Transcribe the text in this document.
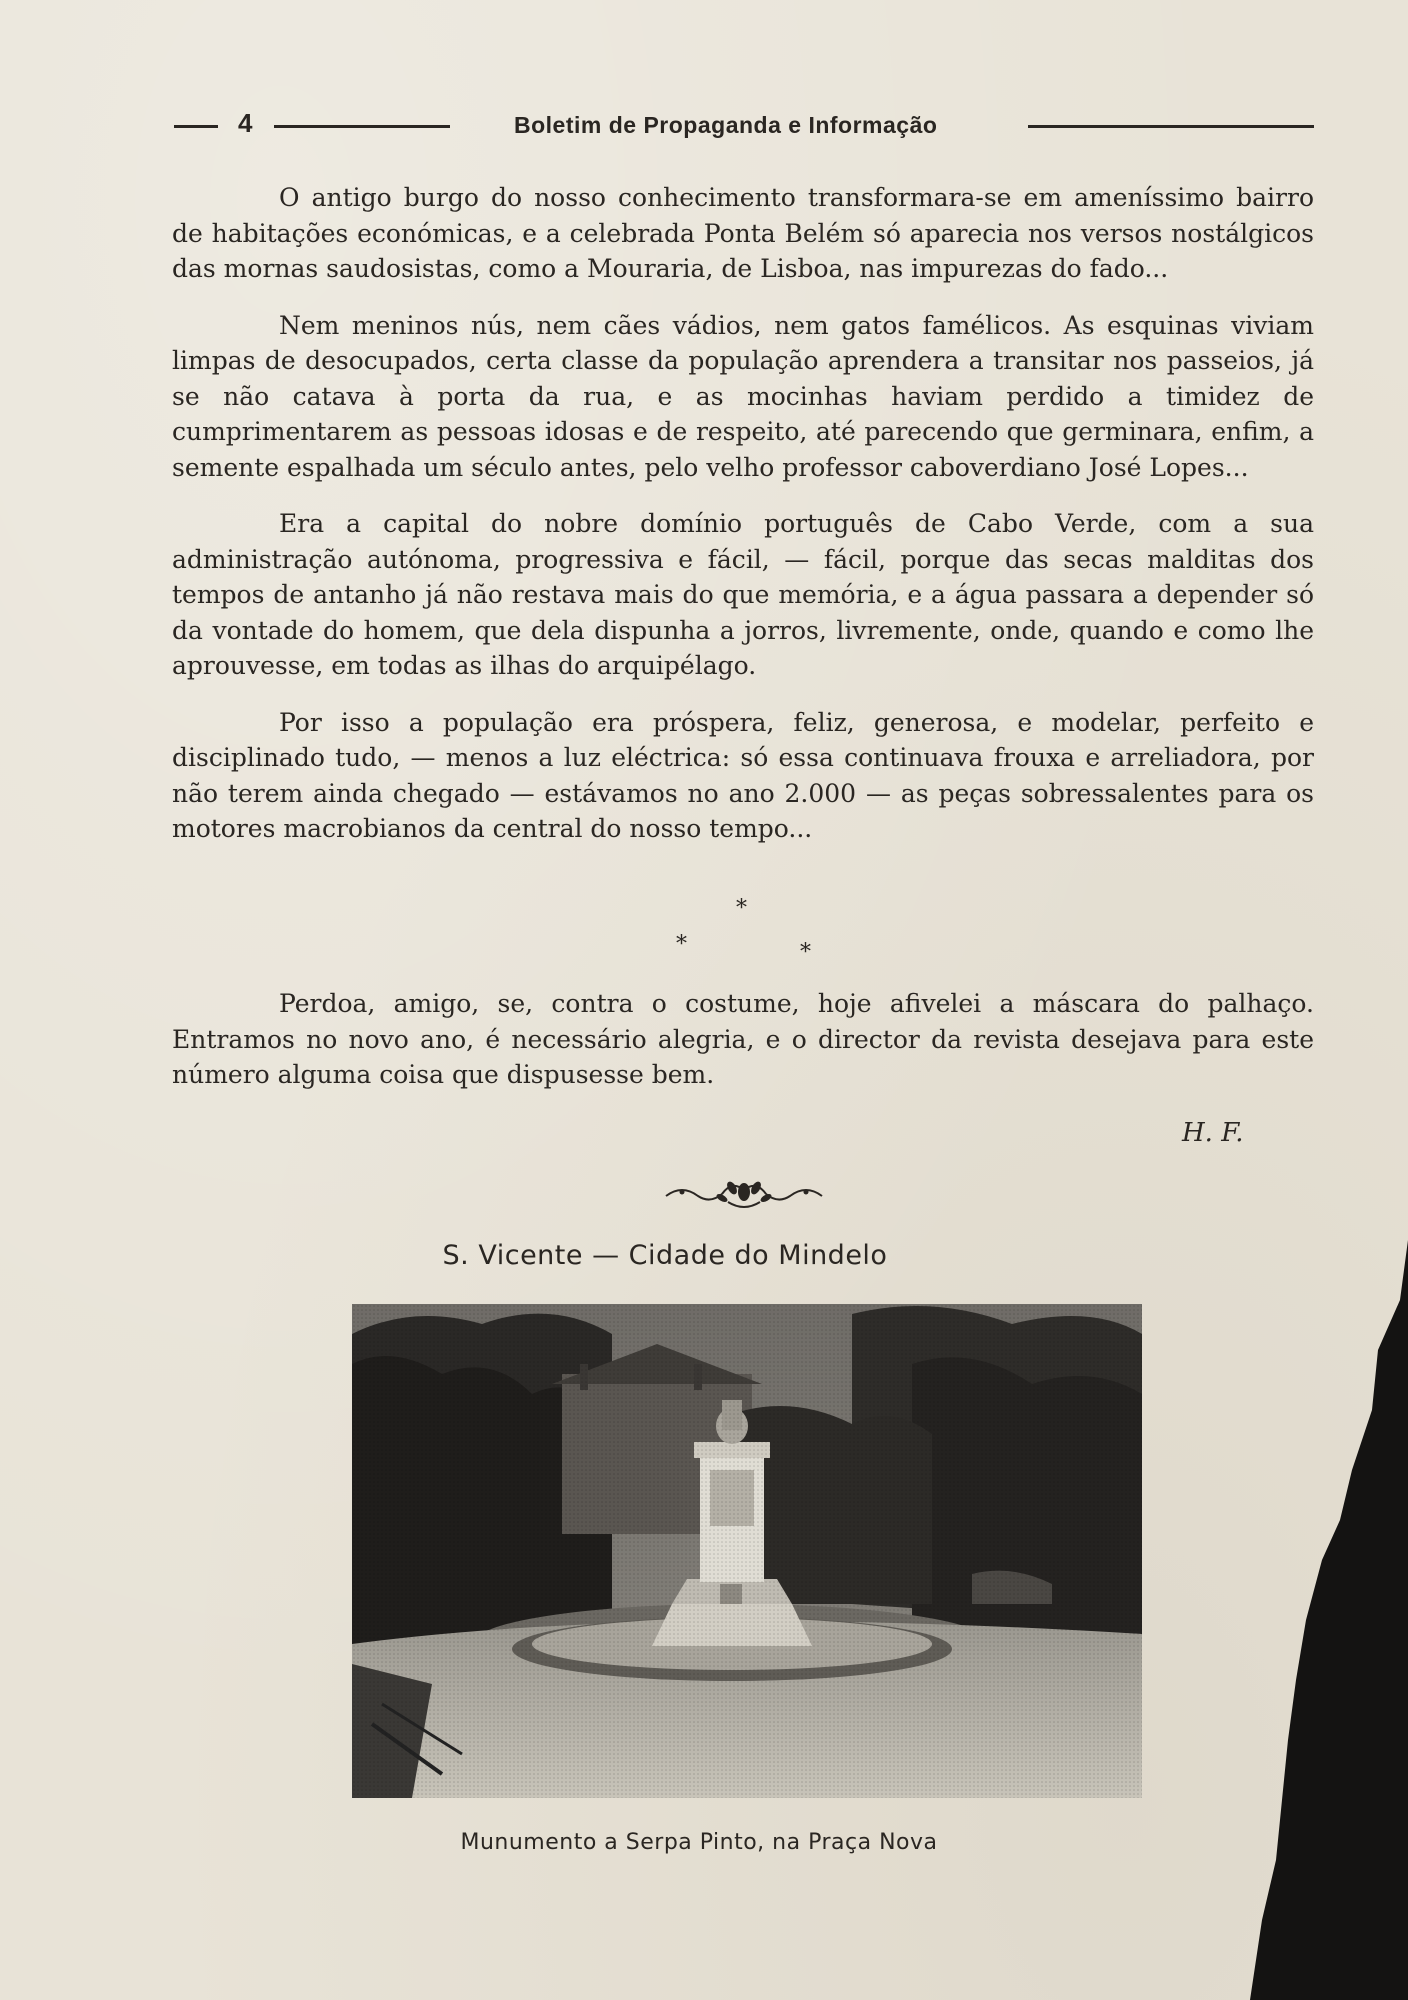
4	Boletim de Propaganda e Informação

O antigo burgo do nosso conhecimento transformara-se em ameníssimo bairro de habitações económicas, e a celebrada Ponta Belém só aparecia nos versos nostálgicos das mornas saudosistas, como a Mouraria, de Lisboa, nas impurezas do fado...

Nem meninos nús, nem cães vádios, nem gatos famélicos. As esquinas viviam limpas de desocupados, certa classe da população aprendera a transitar nos passeios, já se não catava à porta da rua, e as mocinhas haviam perdido a timidez de cumprimentarem as pessoas idosas e de respeito, até parecendo que germinara, enfim, a semente espalhada um século antes, pelo velho professor caboverdiano José Lopes...

Era a capital do nobre domínio português de Cabo Verde, com a sua administração autónoma, progressiva e fácil, — fácil, porque das secas malditas dos tempos de antanho já não restava mais do que memória, e a água passara a depender só da vontade do homem, que dela dispunha a jorros, livremente, onde, quando e como lhe aprouvesse, em todas as ilhas do arquipélago.

Por isso a população era próspera, feliz, generosa, e modelar, perfeito e disciplinado tudo, — menos a luz eléctrica: só essa continuava frouxa e arreliadora, por não terem ainda chegado — estávamos no ano 2.000 — as peças sobressalentes para os motores macrobianos da central do nosso tempo...

*
*	*

Perdoa, amigo, se, contra o costume, hoje afivelei a máscara do palhaço. Entramos no novo ano, é necessário alegria, e o director da revista desejava para este número alguma coisa que dispusesse bem.

H. F.
S. Vicente — Cidade do Mindelo
Munumento a Serpa Pinto, na Praça Nova
